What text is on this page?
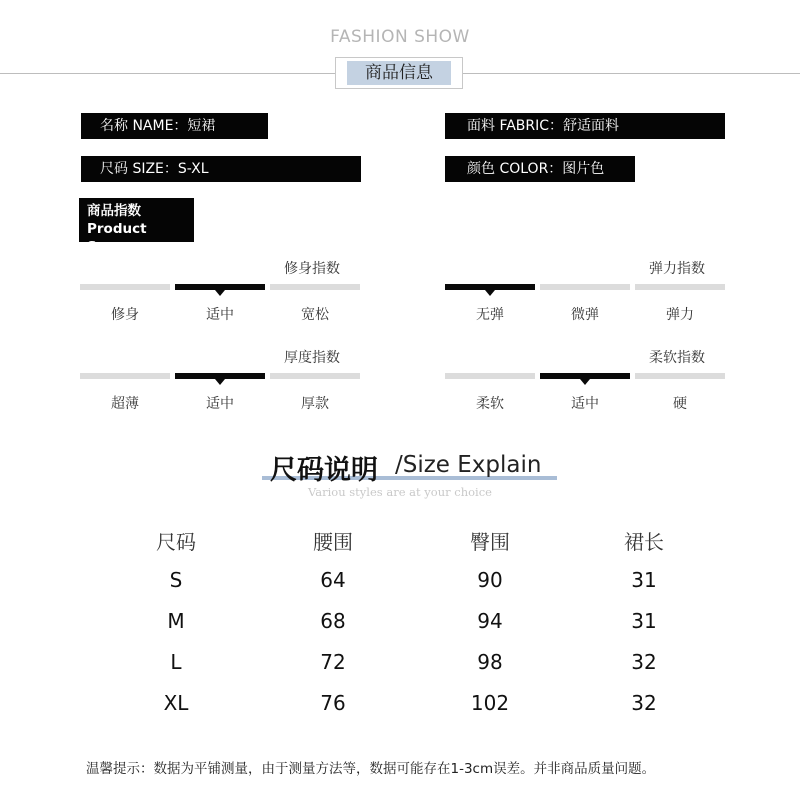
FASHION SHOW
商品信息
名称 NAME：短裙	面料 FABRIC：舒适面料
尺码 SIZE：S-XL	颜色 COLOR：图片色
商品指数
Product Specs
修身指数
修身	适中	宽松
弹力指数
无弹	微弹	弹力
厚度指数
超薄	适中	厚款
柔软指数
柔软	适中	硬
尺码说明 /Size Explain
Variou styles are at your choice
尺码	腰围	臀围	裙长
S	64	90	31
M	68	94	31
L	72	98	32
XL	76	102	32
温馨提示：数据为平铺测量，由于测量方法等，数据可能存在1-3cm误差。并非商品质量问题。
